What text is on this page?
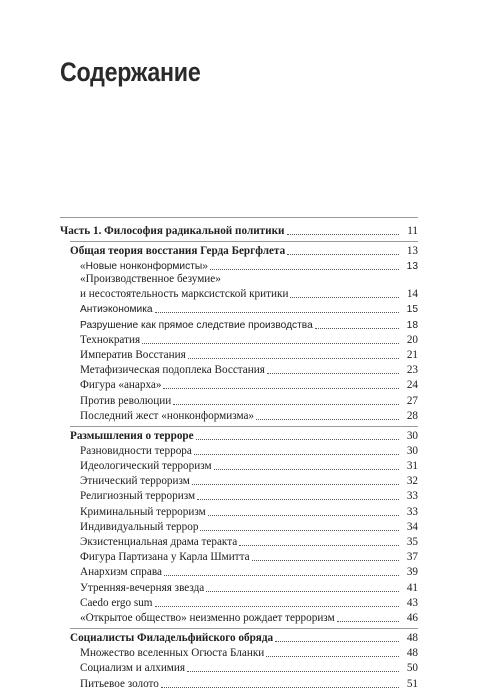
Содержание
Часть 1. Философия радикальной политики	11
Общая теория восстания Герда Бергфлета	13
«Новые нонконформисты»	13
«Производственное безумие»
и несостоятельность марксистской критики	14
Антиэкономика	15
Разрушение как прямое следствие производства	18
Технократия	20
Императив Восстания	21
Метафизическая подоплека Восстания	23
Фигура «анарха»	24
Против революции	27
Последний жест «нонконформизма»	28
Размышления о терроре	30
Разновидности террора	30
Идеологический терроризм	31
Этнический терроризм	32
Религиозный терроризм	33
Криминальный терроризм	33
Индивидуальный террор	34
Экзистенциальная драма теракта	35
Фигура Партизана у Карла Шмитта	37
Анархизм справа	39
Утренняя-вечерняя звезда	41
Caedo ergo sum	43
«Открытое общество» неизменно рождает терроризм	46
Социалисты Филадельфийского обряда	48
Множество вселенных Огюста Бланки	48
Социализм и алхимия	50
Питьевое золото	51
